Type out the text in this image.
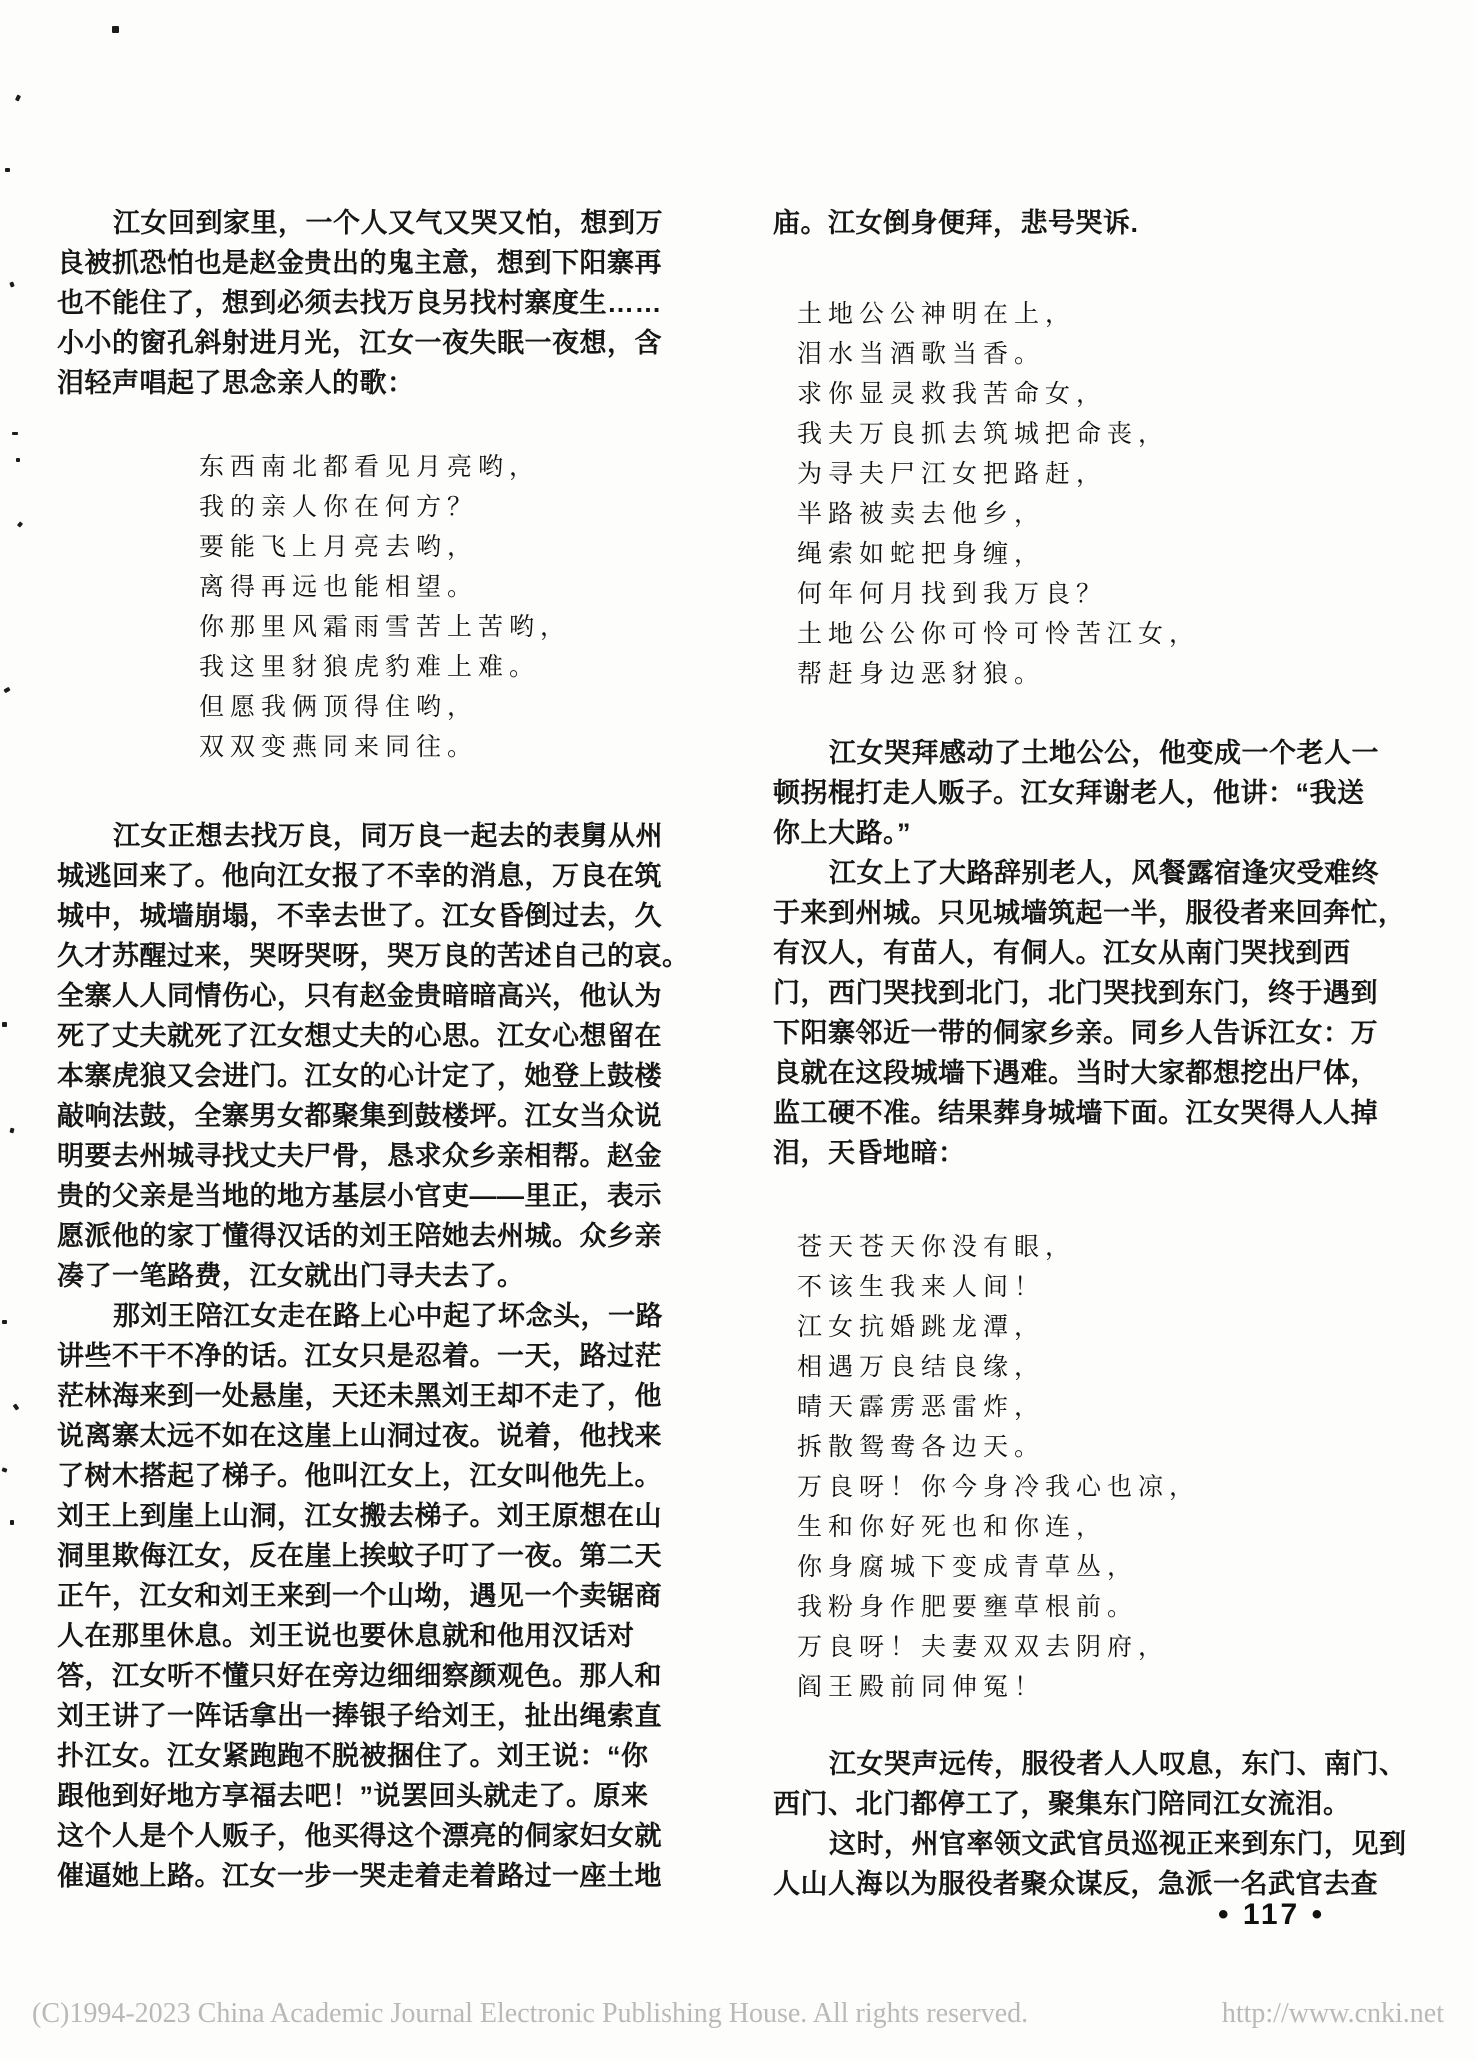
江女回到家里，一个人又气又哭又怕，想到万
良被抓恐怕也是赵金贵出的鬼主意，想到下阳寨再
也不能住了，想到必须去找万良另找村寨度生……
小小的窗孔斜射进月光，江女一夜失眠一夜想，含
泪轻声唱起了思念亲人的歌：
东西南北都看见月亮哟，
我的亲人你在何方？
要能飞上月亮去哟，
离得再远也能相望。
你那里风霜雨雪苦上苦哟，
我这里豺狼虎豹难上难。
但愿我俩顶得住哟，
双双变燕同来同往。
江女正想去找万良，同万良一起去的表舅从州
城逃回来了。他向江女报了不幸的消息，万良在筑
城中，城墙崩塌，不幸去世了。江女昏倒过去，久
久才苏醒过来，哭呀哭呀，哭万良的苦述自己的哀。
全寨人人同情伤心，只有赵金贵暗暗高兴，他认为
死了丈夫就死了江女想丈夫的心思。江女心想留在
本寨虎狼又会进门。江女的心计定了，她登上鼓楼
敲响法鼓，全寨男女都聚集到鼓楼坪。江女当众说
明要去州城寻找丈夫尸骨，恳求众乡亲相帮。赵金
贵的父亲是当地的地方基层小官吏——里正，表示
愿派他的家丁懂得汉话的刘王陪她去州城。众乡亲
凑了一笔路费，江女就出门寻夫去了。
那刘王陪江女走在路上心中起了坏念头，一路
讲些不干不净的话。江女只是忍着。一天，路过茫
茫林海来到一处悬崖，天还未黑刘王却不走了，他
说离寨太远不如在这崖上山洞过夜。说着，他找来
了树木搭起了梯子。他叫江女上，江女叫他先上。
刘王上到崖上山洞，江女搬去梯子。刘王原想在山
洞里欺侮江女，反在崖上挨蚊子叮了一夜。第二天
正午，江女和刘王来到一个山坳，遇见一个卖锯商
人在那里休息。刘王说也要休息就和他用汉话对
答，江女听不懂只好在旁边细细察颜观色。那人和
刘王讲了一阵话拿出一捧银子给刘王，扯出绳索直
扑江女。江女紧跑跑不脱被捆住了。刘王说：“你
跟他到好地方享福去吧！”说罢回头就走了。原来
这个人是个人贩子，他买得这个漂亮的侗家妇女就
催逼她上路。江女一步一哭走着走着路过一座土地
庙。江女倒身便拜，悲号哭诉.
土地公公神明在上，
泪水当酒歌当香。
求你显灵救我苦命女，
我夫万良抓去筑城把命丧，
为寻夫尸江女把路赶，
半路被卖去他乡，
绳索如蛇把身缠，
何年何月找到我万良？
土地公公你可怜可怜苦江女，
帮赶身边恶豺狼。
江女哭拜感动了土地公公，他变成一个老人一
顿拐棍打走人贩子。江女拜谢老人，他讲：“我送
你上大路。”
江女上了大路辞别老人，风餐露宿逢灾受难终
于来到州城。只见城墙筑起一半，服役者来回奔忙，
有汉人，有苗人，有侗人。江女从南门哭找到西
门，西门哭找到北门，北门哭找到东门，终于遇到
下阳寨邻近一带的侗家乡亲。同乡人告诉江女：万
良就在这段城墙下遇难。当时大家都想挖出尸体，
监工硬不准。结果葬身城墙下面。江女哭得人人掉
泪，天昏地暗：
苍天苍天你没有眼，
不该生我来人间！
江女抗婚跳龙潭，
相遇万良结良缘，
晴天霹雳恶雷炸，
拆散鸳鸯各边天。
万良呀！你今身冷我心也凉，
生和你好死也和你连，
你身腐城下变成青草丛，
我粉身作肥要壅草根前。
万良呀！夫妻双双去阴府，
阎王殿前同伸冤！
江女哭声远传，服役者人人叹息，东门、南门、
西门、北门都停工了，聚集东门陪同江女流泪。
这时，州官率领文武官员巡视正来到东门，见到
人山人海以为服役者聚众谋反，急派一名武官去查
• 117 •
(C)1994-2023 China Academic Journal Electronic Publishing House. All rights reserved.	http://www.cnki.net
